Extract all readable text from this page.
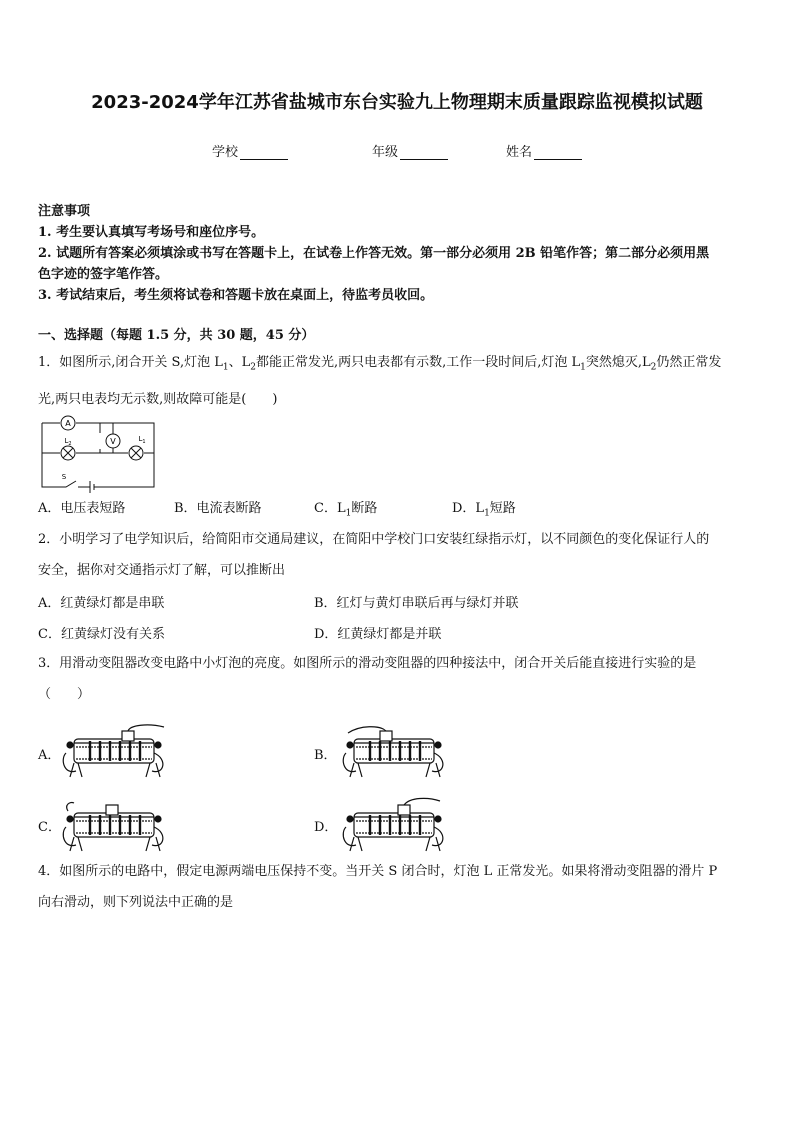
2023-2024学年江苏省盐城市东台实验九上物理期末质量跟踪监视模拟试题
学校	年级	姓名
注意事项
1. 考生要认真填写考场号和座位序号。
2. 试题所有答案必须填涂或书写在答题卡上，在试卷上作答无效。第一部分必须用 2B 铅笔作答；第二部分必须用黑
色字迹的签字笔作答。
3. 考试结束后，考生须将试卷和答题卡放在桌面上，待监考员收回。
一、选择题（每题 1.5 分，共 30 题，45 分）
1．如图所示,闭合开关 S,灯泡 $L_1$、$L_2$都能正常发光,两只电表都有示数,工作一段时间后,灯泡 $L_1$突然熄灭$,L_2$仍然正常发
光,两只电表均无示数,则故障可能是(　　)
A
V
$L_2$
$L_1$
S
A．电压表短路	B．电流表断路	C．$L_1$断路	D．$L_1$短路
2．小明学习了电学知识后，给简阳市交通局建议，在简阳中学校门口安装红绿指示灯，以不同颜色的变化保证行人的
安全，据你对交通指示灯了解，可以推断出
A．红黄绿灯都是串联	B．红灯与黄灯串联后再与绿灯并联
C．红黄绿灯没有关系	D．红黄绿灯都是并联
3．用滑动变阻器改变电路中小灯泡的亮度。如图所示的滑动变阻器的四种接法中，闭合开关后能直接进行实验的是
（　　）
A．	B．
C．	D．
4．如图所示的电路中，假定电源两端电压保持不变。当开关 S 闭合时，灯泡 L 正常发光。如果将滑动变阻器的滑片 P
向右滑动，则下列说法中正确的是
